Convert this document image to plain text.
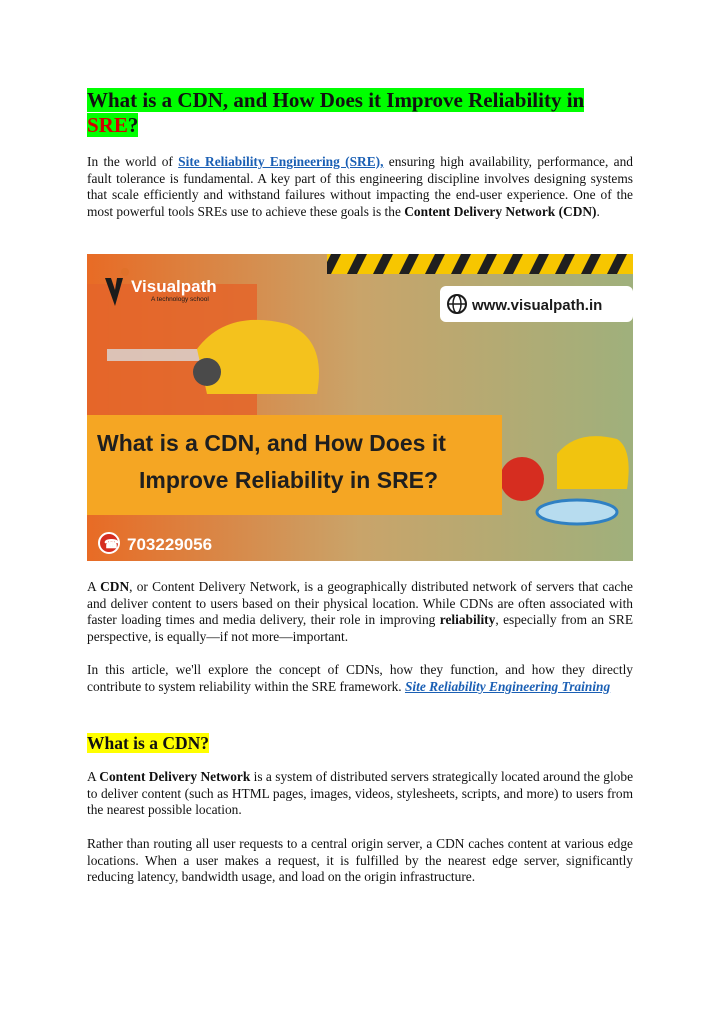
What is a CDN, and How Does it Improve Reliability in SRE?

In the world of Site Reliability Engineering (SRE), ensuring high availability, performance, and fault tolerance is fundamental. A key part of this engineering discipline involves designing systems that scale efficiently and withstand failures without impacting the end-user experience. One of the most powerful tools SREs use to achieve these goals is the Content Delivery Network (CDN).

Visualpath
A technology school	www.visualpath.in
What is a CDN, and How Does it
Improve Reliability in SRE?
☎ 703229056

A CDN, or Content Delivery Network, is a geographically distributed network of servers that cache and deliver content to users based on their physical location. While CDNs are often associated with faster loading times and media delivery, their role in improving reliability, especially from an SRE perspective, is equally—if not more—important.

In this article, we'll explore the concept of CDNs, how they function, and how they directly contribute to system reliability within the SRE framework. Site Reliability Engineering Training

What is a CDN?

A Content Delivery Network is a system of distributed servers strategically located around the globe to deliver content (such as HTML pages, images, videos, stylesheets, scripts, and more) to users from the nearest possible location.

Rather than routing all user requests to a central origin server, a CDN caches content at various edge locations. When a user makes a request, it is fulfilled by the nearest edge server, significantly reducing latency, bandwidth usage, and load on the origin infrastructure.
